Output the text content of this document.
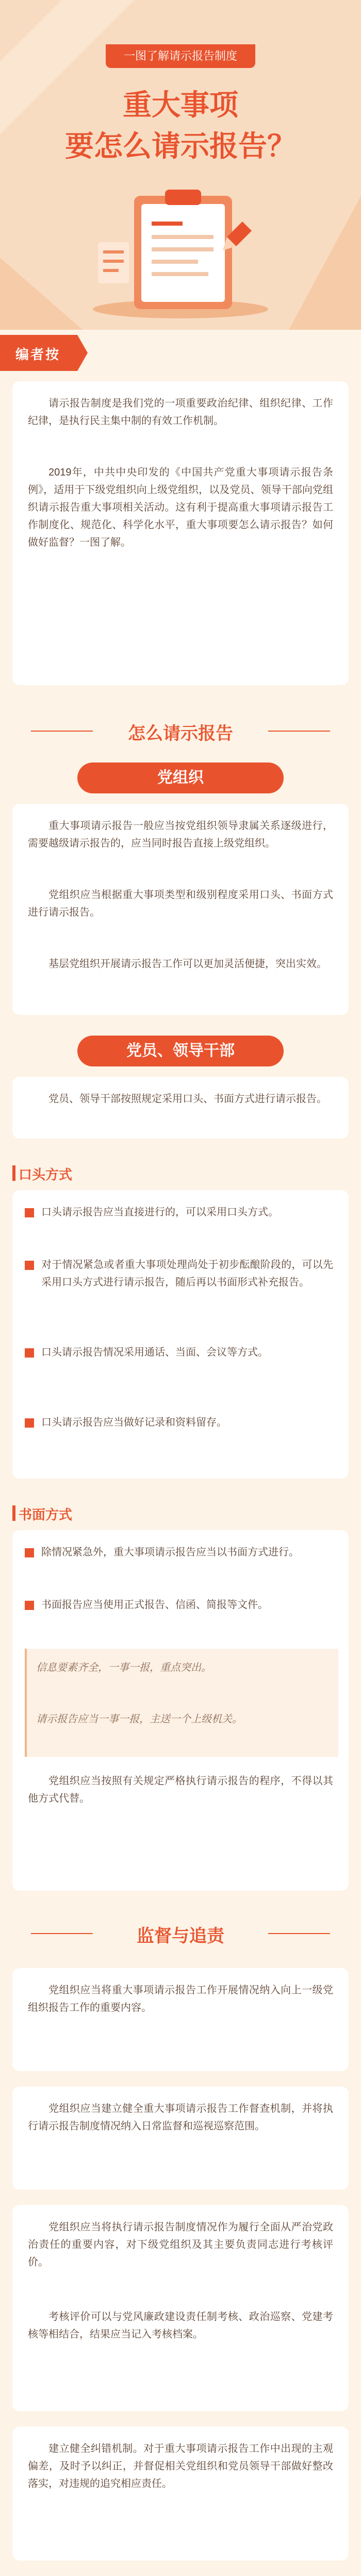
一图了解请示报告制度
重大事项
要怎么请示报告？
编者按
请示报告制度是我们党的一项重要政治纪律、组织纪律、工作纪律，是执行民主集中制的有效工作机制。
2019年，中共中央印发的《中国共产党重大事项请示报告条例》，适用于下级党组织向上级党组织，以及党员、领导干部向党组织请示报告重大事项相关活动。这有利于提高重大事项请示报告工作制度化、规范化、科学化水平，重大事项要怎么请示报告？如何做好监督？一图了解。
怎么请示报告
党组织
重大事项请示报告一般应当按党组织领导隶属关系逐级进行，需要越级请示报告的，应当同时报告直接上级党组织。
党组织应当根据重大事项类型和级别程度采用口头、书面方式进行请示报告。
基层党组织开展请示报告工作可以更加灵活便捷，突出实效。
党员、领导干部
党员、领导干部按照规定采用口头、书面方式进行请示报告。
口头方式
口头请示报告应当直接进行的，可以采用口头方式。
对于情况紧急或者重大事项处理尚处于初步酝酿阶段的，可以先采用口头方式进行请示报告，随后再以书面形式补充报告。
口头请示报告情况采用通话、当面、会议等方式。
口头请示报告应当做好记录和资料留存。
书面方式
除情况紧急外，重大事项请示报告应当以书面方式进行。
书面报告应当使用正式报告、信函、简报等文件。
信息要素齐全，一事一报，重点突出。
请示报告应当一事一报，主送一个上级机关。
党组织应当按照有关规定严格执行请示报告的程序，不得以其他方式代替。
监督与追责
党组织应当将重大事项请示报告工作开展情况纳入向上一级党组织报告工作的重要内容。
党组织应当建立健全重大事项请示报告工作督查机制，并将执行请示报告制度情况纳入日常监督和巡视巡察范围。
党组织应当将执行请示报告制度情况作为履行全面从严治党政治责任的重要内容，对下级党组织及其主要负责同志进行考核评价。
考核评价可以与党风廉政建设责任制考核、政治巡察、党建考核等相结合，结果应当记入考核档案。
建立健全纠错机制。对于重大事项请示报告工作中出现的主观偏差，及时予以纠正，并督促相关党组织和党员领导干部做好整改落实，对违规的追究相应责任。
